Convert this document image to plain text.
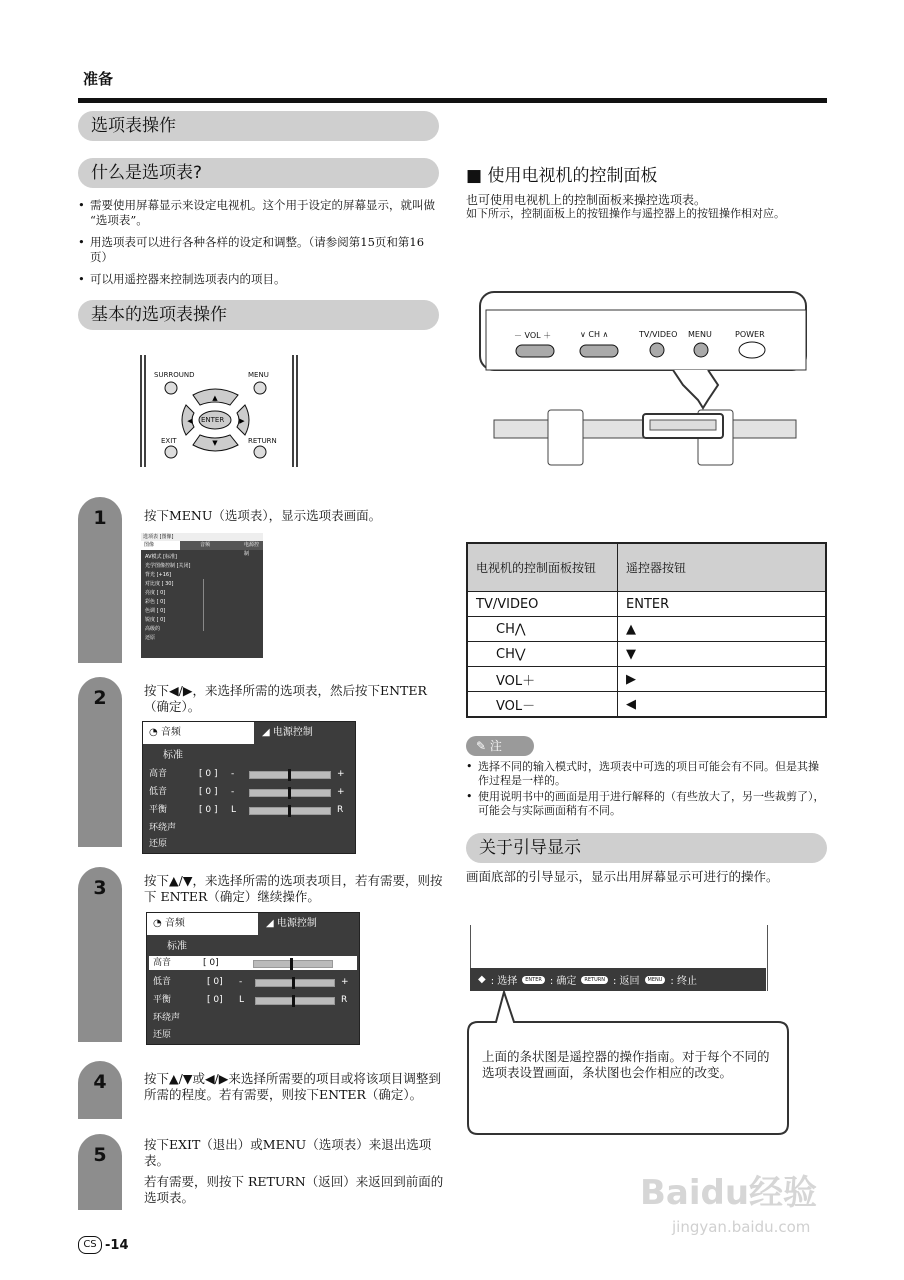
准备
选项表操作
什么是选项表?
• 需要使用屏幕显示来设定电视机。这个用于设定的屏幕显示，就叫做 “选项表”。
• 用选项表可以进行各种各样的设定和调整。（请参阅第15页和第16页）
• 可以用遥控器来控制选项表内的项目。
基本的选项表操作
▲
▼
◀	▶
SURROUND	MENU
ENTER
EXIT	RETURN
1	按下MENU（选项表），显示选项表画面。
选项表 [图像]
图像	音频	电源控制
AV模式 [标准]
光学图像控制 [关闭]
背光 [+16]
对比度 [ 30]
亮度 [ 0]
彩色 [ 0]
色调 [ 0]
锐度 [ 0]
高级的
还原
2	按下◀/▶，来选择所需的选项表，然后按下ENTER（确定）。
◔ 音频	◢ 电源控制
标准
高音	[ 0 ] -	+
低音	[ 0 ] -	+
平衡	[ 0 ] L	R
环绕声
还原
3	按下▲/▼，来选择所需的选项表项目，若有需要，则按下 ENTER（确定）继续操作。
◔ 音频	◢ 电源控制
标准
高音	[ 0]
低音	[ 0] -	+
平衡	[ 0] L	R
环绕声
还原
4	按下▲/▼或◀/▶来选择所需要的项目或将该项目调整到所需的程度。若有需要，则按下ENTER（确定）。
5	按下EXIT（退出）或MENU（选项表）来退出选项表。
若有需要，则按下 RETURN（返回）来返回到前面的选项表。
CS -14
■ 使用电视机的控制面板
也可使用电视机上的控制面板来操控选项表。
如下所示，控制面板上的按钮操作与遥控器上的按钮操作相对应。
－ VOL ＋	∨ CH ∧	TV/VIDEO MENU	POWER
电视机的控制面板按钮	遥控器按钮
TV/VIDEO	ENTER
CH⋀	▲
CH⋁	▼
VOL＋	▶
VOL－	◀
✎ 注
• 选择不同的输入模式时，选项表中可选的项目可能会有不同。但是其操作过程是一样的。
• 使用说明书中的画面是用于进行解释的（有些放大了，另一些裁剪了），可能会与实际画面稍有不同。
关于引导显示
画面底部的引导显示，显示出用屏幕显示可进行的操作。
◆ : 选择	ENTER : 确定	RETURN : 返回	MENU : 终止
上面的条状图是遥控器的操作指南。对于每个不同的选项表设置画面，条状图也会作相应的改变。
Baidu经验
jingyan.baidu.com
